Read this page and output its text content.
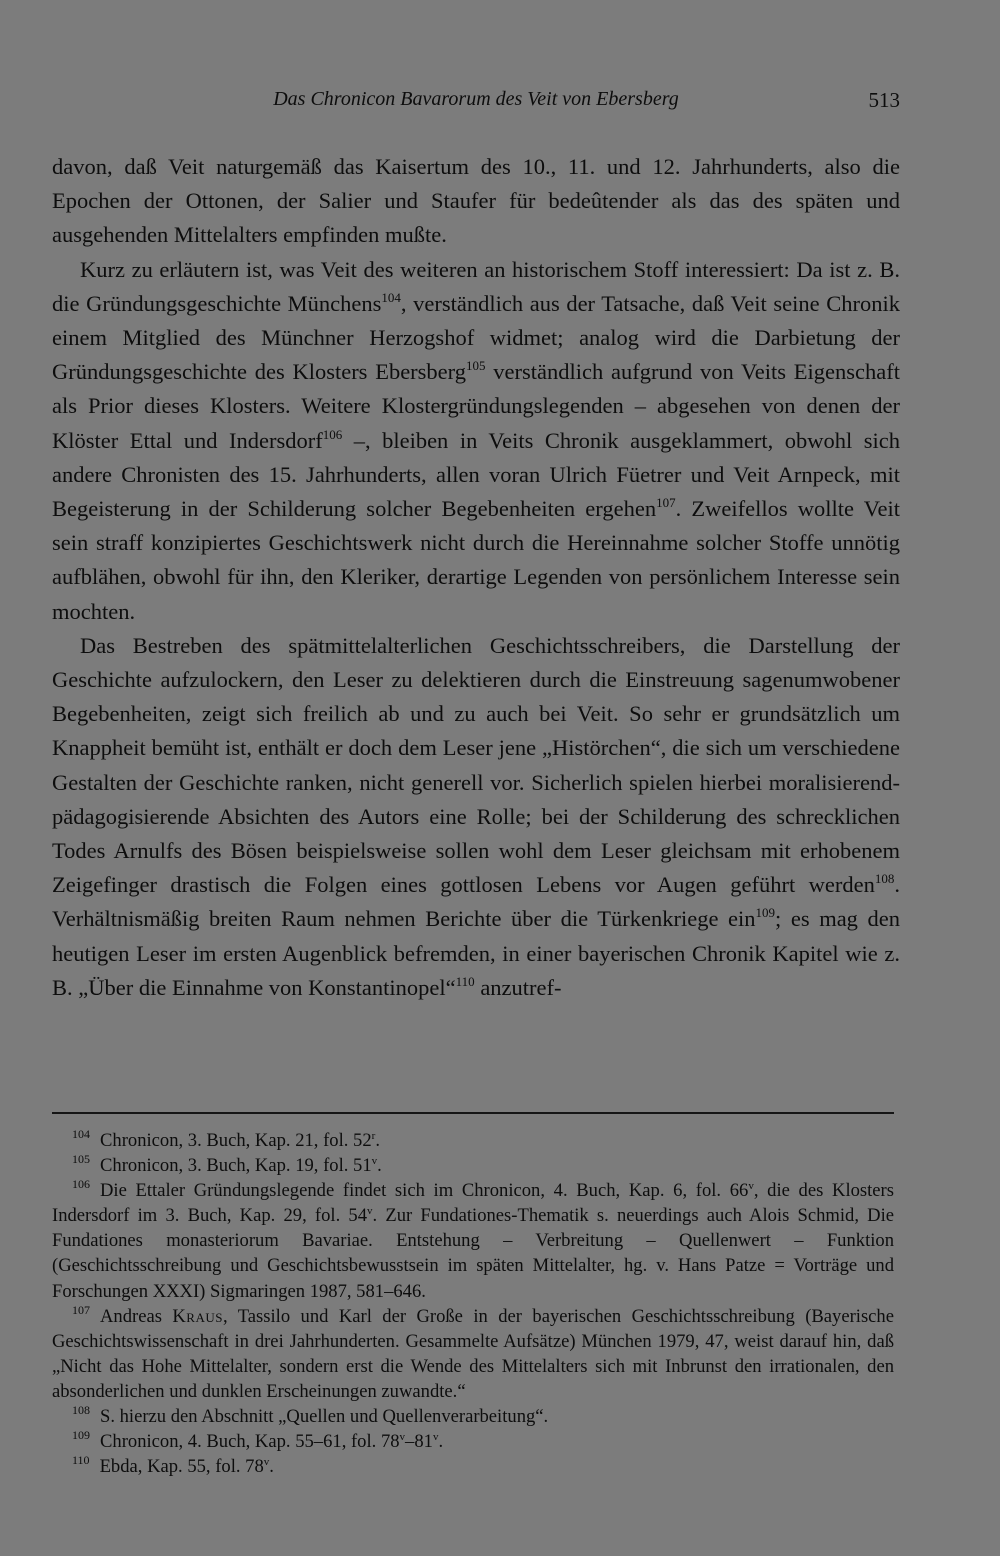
Das Chronicon Bavarorum des Veit von Ebersberg	513

davon, daß Veit naturgemäß das Kaisertum des 10., 11. und 12. Jahrhunderts, also die Epochen der Ottonen, der Salier und Staufer für bedeûtender als das des späten und ausgehenden Mittelalters empfinden mußte.

Kurz zu erläutern ist, was Veit des weiteren an historischem Stoff interessiert: Da ist z. B. die Gründungsgeschichte Münchens$^{104}$, verständlich aus der Tatsache, daß Veit seine Chronik einem Mitglied des Münchner Herzogshof widmet; analog wird die Darbietung der Gründungsgeschichte des Klosters Ebersberg$^{105}$ verständlich aufgrund von Veits Eigenschaft als Prior dieses Klosters. Weitere Klostergründungslegenden – abgesehen von denen der Klöster Ettal und Indersdorf$^{106}$ –, bleiben in Veits Chronik ausgeklammert, obwohl sich andere Chronisten des 15. Jahrhunderts, allen voran Ulrich Füetrer und Veit Arnpeck, mit Begeisterung in der Schilderung solcher Begebenheiten ergehen$^{107}$. Zweifellos wollte Veit sein straff konzipiertes Geschichtswerk nicht durch die Hereinnahme solcher Stoffe unnötig aufblähen, obwohl für ihn, den Kleriker, derartige Legenden von persönlichem Interesse sein mochten.

Das Bestreben des spätmittelalterlichen Geschichtsschreibers, die Darstellung der Geschichte aufzulockern, den Leser zu delektieren durch die Einstreuung sagenumwobener Begebenheiten, zeigt sich freilich ab und zu auch bei Veit. So sehr er grundsätzlich um Knappheit bemüht ist, enthält er doch dem Leser jene „Histörchen“, die sich um verschiedene Gestalten der Geschichte ranken, nicht generell vor. Sicherlich spielen hierbei moralisierend-pädagogisierende Absichten des Autors eine Rolle; bei der Schilderung des schrecklichen Todes Arnulfs des Bösen beispielsweise sollen wohl dem Leser gleichsam mit erhobenem Zeigefinger drastisch die Folgen eines gottlosen Lebens vor Augen geführt werden$^{108}$. Verhältnismäßig breiten Raum nehmen Berichte über die Türkenkriege ein$^{109}$; es mag den heutigen Leser im ersten Augenblick befremden, in einer bayerischen Chronik Kapitel wie z. B. „Über die Einnahme von Konstantinopel“$^{110}$ anzutref-

$^{104}$ Chronicon, 3. Buch, Kap. 21, fol. 52$^r$.

$^{105}$ Chronicon, 3. Buch, Kap. 19, fol. 51$^v$.

$^{106}$ Die Ettaler Gründungslegende findet sich im Chronicon, 4. Buch, Kap. 6, fol. 66$^v$, die des Klosters Indersdorf im 3. Buch, Kap. 29, fol. 54$^v$. Zur Fundationes-Thematik s. neuerdings auch Alois Schmid, Die Fundationes monasteriorum Bavariae. Entstehung – Verbreitung – Quellenwert – Funktion (Geschichtsschreibung und Geschichtsbewusstsein im späten Mittelalter, hg. v. Hans Patze = Vorträge und Forschungen XXXI) Sigmaringen 1987, 581–646.

$^{107}$ Andreas Kraus, Tassilo und Karl der Große in der bayerischen Geschichtsschreibung (Bayerische Geschichtswissenschaft in drei Jahrhunderten. Gesammelte Aufsätze) München 1979, 47, weist darauf hin, daß „Nicht das Hohe Mittelalter, sondern erst die Wende des Mittelalters sich mit Inbrunst den irrationalen, den absonderlichen und dunklen Erscheinungen zuwandte.“

$^{108}$ S. hierzu den Abschnitt „Quellen und Quellenverarbeitung“.

$^{109}$ Chronicon, 4. Buch, Kap. 55–61, fol. 78$^v$–81$^v$.

$^{110}$ Ebda, Kap. 55, fol. 78$^v$.
